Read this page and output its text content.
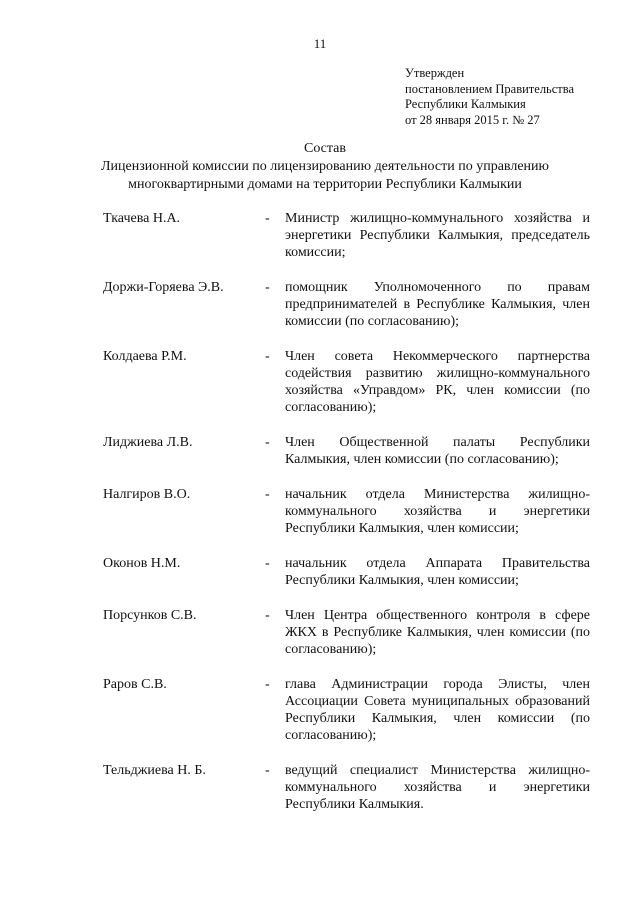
11
Утвержден
постановлением Правительства
Республики Калмыкия
от 28 января 2015 г. № 27
Состав
Лицензионной комиссии по лицензированию деятельности по управлению
многоквартирными домами на территории Республики Калмыкии
Ткачева Н.А.	- Министр жилищно-коммунального хозяйства и энергетики Республики Калмыкия, председатель комиссии;
Доржи-Горяева Э.В.	- помощник Уполномоченного по правам предпринимателей в Республике Калмыкия, член комиссии (по согласованию);
Колдаева Р.М.	- Член совета Некоммерческого партнерства содействия развитию жилищно-коммунального хозяйства «Управдом» РК, член комиссии (по согласованию);
Лиджиева Л.В.	- Член Общественной палаты Республики Калмыкия, член комиссии (по согласованию);
Налгиров В.О.	- начальник отдела Министерства жилищно-коммунального хозяйства и энергетики Республики Калмыкия, член комиссии;
Оконов Н.М.	- начальник отдела Аппарата Правительства Республики Калмыкия, член комиссии;
Порсунков С.В.	- Член Центра общественного контроля в сфере ЖКХ в Республике Калмыкия, член комиссии (по согласованию);
Раров С.В.	- глава Администрации города Элисты, член Ассоциации Совета муниципальных образований Республики Калмыкия, член комиссии (по согласованию);
Тельджиева Н. Б.	- ведущий специалист Министерства жилищно-коммунального хозяйства и энергетики Республики Калмыкия.
